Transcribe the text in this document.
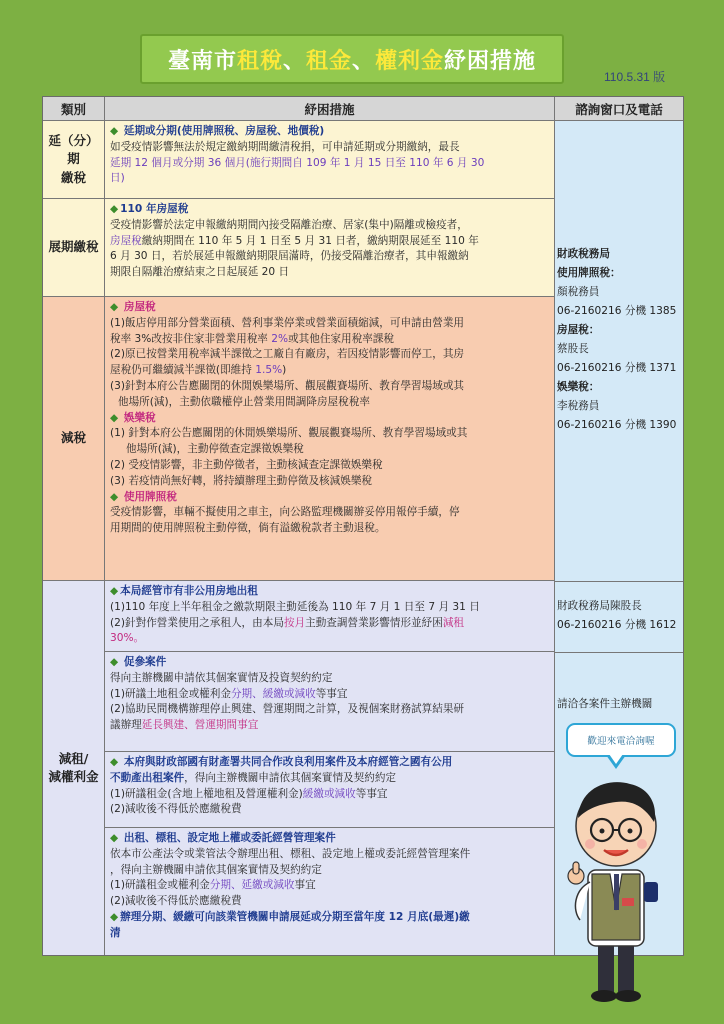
臺南市 租稅 、 租金 、 權利金 紓困措施
110.5.31 版
類別	紓困措施	諮詢窗口及電話
延（分）期
繳稅
◆ 延期或分期(使用牌照稅、房屋稅、地價稅)
如受疫情影響無法於規定繳納期間繳清稅捐，可申請延期或分期繳納，最長
延期 12 個月或分期 36 個月(施行期間自 109 年 1 月 15 日至 110 年 6 月 30
日)
展期繳稅
◆ 110 年房屋稅
受疫情影響於法定申報繳納期間內接受隔離治療、居家(集中)隔離或檢疫者，
房屋稅繳納期間在 110 年 5 月 1 日至 5 月 31 日者，繳納期限展延至 110 年
6 月 30 日，若於展延申報繳納期限屆滿時，仍接受隔離治療者，其申報繳納
期限自隔離治療結束之日起展延 20 日
減稅
◆ 房屋稅
(1)飯店停用部分營業面積、營利事業停業或營業面積縮減，可申請由營業用
稅率 3%改按非住家非營業用稅率 2%或其他住家用稅率課稅
(2)原已按營業用稅率減半課徵之工廠自有廠房，若因疫情影響而停工，其房
屋稅仍可繼續減半課徵(即維持 1.5%)
(3)針對本府公告應關閉的休閒娛樂場所、觀展觀賽場所、教育學習場域或其
他場所(減)，主動依職權停止營業用間調降房屋稅稅率
◆ 娛樂稅
(1) 針對本府公告應關閉的休閒娛樂場所、觀展觀賽場所、教育學習場域或其
他場所(減)，主動停徵查定課徵娛樂稅
(2) 受疫情影響，非主動停徵者，主動核減查定課徵娛樂稅
(3) 若疫情尚無好轉，將持續辦理主動停徵及核減娛樂稅
◆ 使用牌照稅
受疫情影響，車輛不擬使用之車主，向公路監理機關辦妥停用報停手續，停
用期間的使用牌照稅主動停徵，倘有溢繳稅款者主動退稅。
減租/
減權利金
◆ 本局經管市有非公用房地出租
(1)110 年度上半年租金之繳款期限主動延後為 110 年 7 月 1 日至 7 月 31 日
(2)針對作營業使用之承租人，由本局按月主動查調營業影響情形並紓困減租
30%。
◆ 促參案件
得向主辦機關申請依其個案實情及投資契約約定
(1)研議土地租金或權利金分期、緩繳或減收等事宜
(2)協助民間機構辦理停止興建、營運期間之計算，及視個案財務試算結果研
議辦理延長興建、營運期間事宜
◆ 本府與財政部國有財產署共同合作改良利用案件及本府經管之國有公用
不動產出租案件，得向主辦機關申請依其個案實情及契約約定
(1)研議租金(含地上權地租及營運權利金)緩繳或減收等事宜
(2)減收後不得低於應繳稅費
◆ 出租、標租、設定地上權或委託經營管理案件
依本市公產法令或業管法令辦理出租、標租、設定地上權或委託經營管理案件
，得向主辦機關申請依其個案實情及契約約定
(1)研議租金或權利金分期、延繳或減收事宜
(2)減收後不得低於應繳稅費
◆ 辦理分期、緩繳可向該業管機關申請展延或分期至當年度 12 月底(最遲)繳
清
財政稅務局
使用牌照稅：
顏稅務員
06-2160216 分機 1385
房屋稅：
蔡股長
06-2160216 分機 1371
娛樂稅：
李稅務員
06-2160216 分機 1390
財政稅務局陳股長
06-2160216 分機 1612
請洽各案件主辦機關
歡迎來電洽詢喔
